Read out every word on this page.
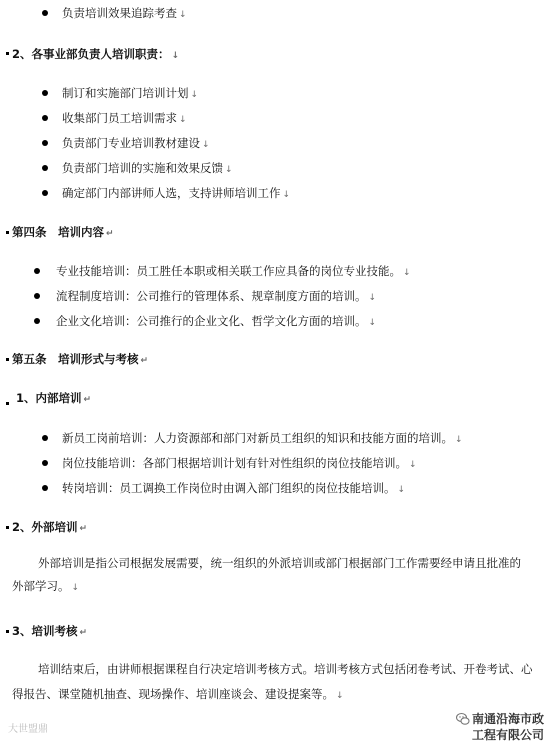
负责培训效果追踪考查 ↓
2、各事业部负责人培训职责： ↓
制订和实施部门培训计划 ↓
收集部门员工培训需求 ↓
负责部门专业培训教材建设 ↓
负责部门培训的实施和效果反馈 ↓
确定部门内部讲师人选，支持讲师培训工作 ↓
第四条　培训内容 ↵
专业技能培训：员工胜任本职或相关联工作应具备的岗位专业技能。 ↓
流程制度培训：公司推行的管理体系、规章制度方面的培训。 ↓
企业文化培训：公司推行的企业文化、哲学文化方面的培训。 ↓
第五条　培训形式与考核 ↵
1、内部培训 ↵
新员工岗前培训：人力资源部和部门对新员工组织的知识和技能方面的培训。 ↓
岗位技能培训：各部门根据培训计划有针对性组织的岗位技能培训。 ↓
转岗培训：员工调换工作岗位时由调入部门组织的岗位技能培训。 ↓
2、外部培训 ↵
外部培训是指公司根据发展需要，统一组织的外派培训或部门根据部门工作需要经申请且批准的
外部学习。 ↓
3、培训考核 ↵
培训结束后，由讲师根据课程自行决定培训考核方式。培训考核方式包括闭卷考试、开卷考试、心
得报告、课堂随机抽查、现场操作、培训座谈会、建设提案等。 ↓
大世盟鼎
南通沿海市政工程有限公司
